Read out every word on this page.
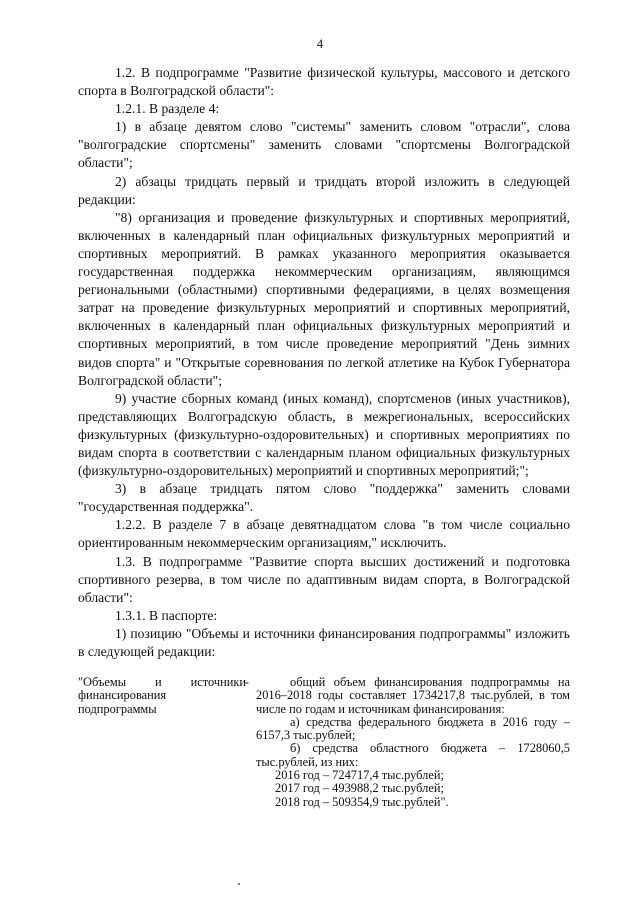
4

1.2. В подпрограмме "Развитие физической культуры, массового и детского спорта в Волгоградской области":

1.2.1. В разделе 4:

1) в абзаце девятом слово "системы" заменить словом "отрасли", слова "волгоградские спортсмены" заменить словами "спортсмены Волгоградской области";

2) абзацы тридцать первый и тридцать второй изложить в следующей редакции:

"8) организация и проведение физкультурных и спортивных мероприятий, включенных в календарный план официальных физкультурных мероприятий и спортивных мероприятий. В рамках указанного мероприятия оказывается государственная поддержка некоммерческим организациям, являющимся региональными (областными) спортивными федерациями, в целях возмещения затрат на проведение физкультурных мероприятий и спортивных мероприятий, включенных в календарный план официальных физкультурных мероприятий и спортивных мероприятий, в том числе проведение мероприятий "День зимних видов спорта" и "Открытые соревнования по легкой атлетике на Кубок Губернатора Волгоградской области";

9) участие сборных команд (иных команд), спортсменов (иных участников), представляющих Волгоградскую область, в межрегиональных, всероссийских физкультурных (физкультурно-оздоровительных) и спортивных мероприятиях по видам спорта в соответствии с календарным планом официальных физкультурных (физкультурно-оздоровительных) мероприятий и спортивных мероприятий;";

3) в абзаце тридцать пятом слово "поддержка" заменить словами "государственная поддержка".

1.2.2. В разделе 7 в абзаце девятнадцатом слова "в том числе социально ориентированным некоммерческим организациям," исключить.

1.3. В подпрограмме "Развитие спорта высших достижений и подготовка спортивного резерва, в том числе по адаптивным видам спорта, в Волгоградской области":

1.3.1. В паспорте:

1) позицию "Объемы и источники финансирования подпрограммы" изложить в следующей редакции:

"Объемы и источники финансирования подпрограммы
-	общий объем финансирования подпрограммы на 2016–2018 годы составляет 1734217,8 тыс.рублей, в том числе по годам и источникам финансирования:

а) средства федерального бюджета в 2016 году – 6157,3 тыс.рублей;

б) средства областного бюджета – 1728060,5 тыс.рублей, из них:

2016 год – 724717,4 тыс.рублей;

2017 год – 493988,2 тыс.рублей;

2018 год – 509354,9 тыс.рублей".
